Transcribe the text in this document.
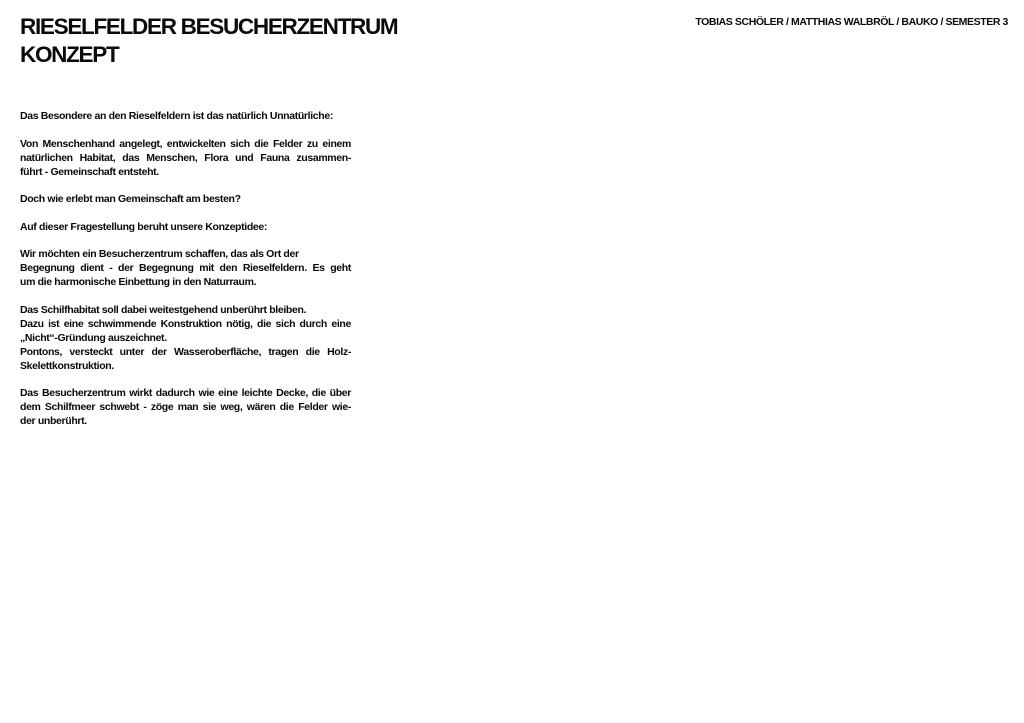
RIESELFELDER BESUCHERZENTRUM
KONZEPT
TOBIAS SCHÖLER / MATTHIAS WALBRÖL / BAUKO / SEMESTER 3

Das Besondere an den Rieselfeldern ist das natürlich Unnatürliche:

Von Menschenhand angelegt, entwickelten sich die Felder zu einem
natürlichen Habitat, das Menschen, Flora und Fauna zusammen-
führt - Gemeinschaft entsteht.

Doch wie erlebt man Gemeinschaft am besten?

Auf dieser Fragestellung beruht unsere Konzeptidee:

Wir möchten ein Besucherzentrum schaffen, das als Ort der
Begegnung dient - der Begegnung mit den Rieselfeldern. Es geht
um die harmonische Einbettung in den Naturraum.

Das Schilfhabitat soll dabei weitestgehend unberührt bleiben.
Dazu ist eine schwimmende Konstruktion nötig, die sich durch eine
„Nicht“-Gründung auszeichnet.
Pontons, versteckt unter der Wasseroberfläche, tragen die Holz-
Skelettkonstruktion.

Das Besucherzentrum wirkt dadurch wie eine leichte Decke, die über
dem Schilfmeer schwebt - zöge man sie weg, wären die Felder wie-
der unberührt.
